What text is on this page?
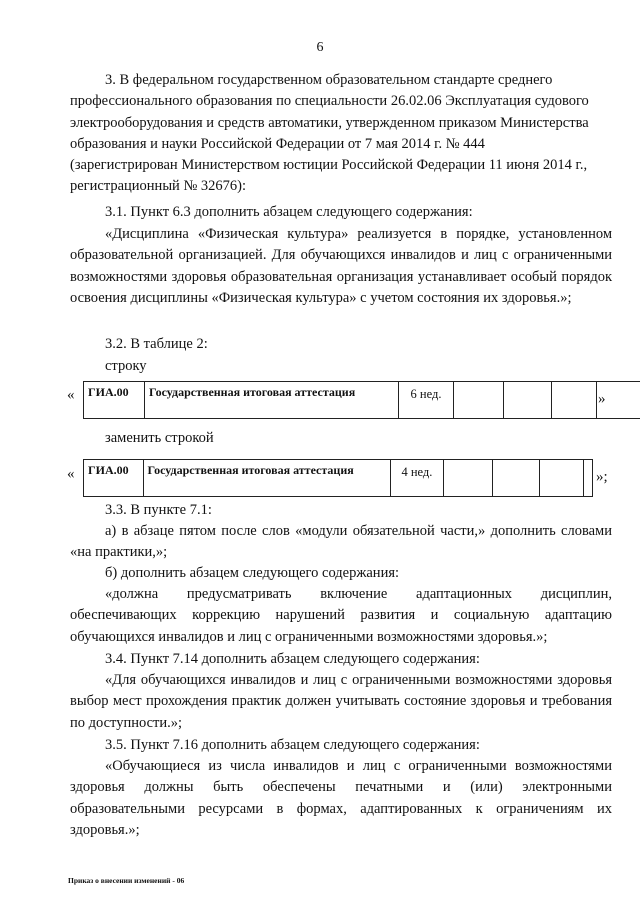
6

3. В федеральном государственном образовательном стандарте среднего
профессионального образования по специальности 26.02.06 Эксплуатация судового
электрооборудования и средств автоматики, утвержденном приказом Министерства
образования и науки Российской Федерации от 7 мая 2014 г. № 444
(зарегистрирован Министерством юстиции Российской Федерации 11 июня 2014 г.,
регистрационный № 32676):

3.1. Пункт 6.3 дополнить абзацем следующего содержания:

«Дисциплина «Физическая культура» реализуется в порядке, установленном образовательной организацией. Для обучающихся инвалидов и лиц с ограниченными возможностями здоровья образовательная организация устанавливает особый порядок освоения дисциплины «Физическая культура» с учетом состояния их здоровья.»;

3.2. В таблице 2:

строку

«	ГИА.00	Государственная итоговая аттестация	6 нед.	»

заменить строкой

«	ГИА.00	Государственная итоговая аттестация	4 нед.	»;

3.3. В пункте 7.1:

а) в абзаце пятом после слов «модули обязательной части,» дополнить словами «на практики,»;

б) дополнить абзацем следующего содержания:

«должна предусматривать включение адаптационных дисциплин, обеспечивающих коррекцию нарушений развития и социальную адаптацию обучающихся инвалидов и лиц с ограниченными возможностями здоровья.»;

3.4. Пункт 7.14 дополнить абзацем следующего содержания:

«Для обучающихся инвалидов и лиц с ограниченными возможностями здоровья выбор мест прохождения практик должен учитывать состояние здоровья и требования по доступности.»;

3.5. Пункт 7.16 дополнить абзацем следующего содержания:

«Обучающиеся из числа инвалидов и лиц с ограниченными возможностями здоровья должны быть обеспечены печатными и (или) электронными образовательными ресурсами в формах, адаптированных к ограничениям их здоровья.»;

Приказ о внесении изменений - 06
